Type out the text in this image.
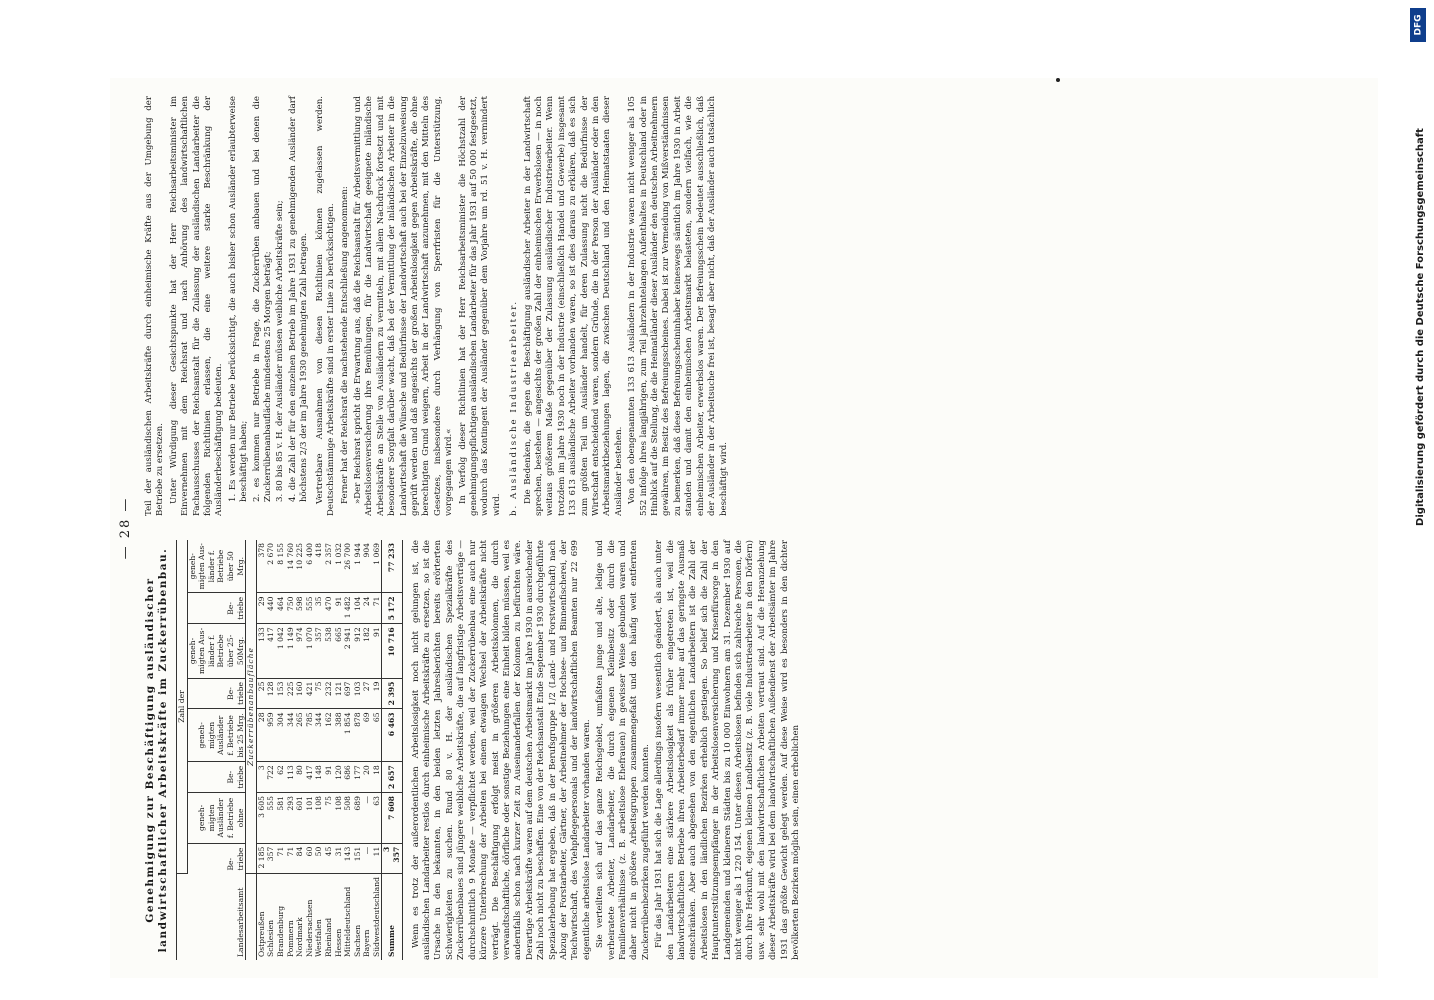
— 28 —
Genehmigung zur Beschäftigung ausländischer landwirtschaftlicher Arbeitskräfte im Zuckerrübenbau.	Landesarbeitsamt	Zahl der							
	Betriebe	genehmigten Ausländer f. Betriebe ohne	Betriebe	genehmigten Ausländer f. Betriebe bis 25 Mrg.	Betriebe	genehmigten Ausländer f. Betriebe über 25-50Mrg.	Betriebe	genehmigten Ausländer f. Betriebe über 50 Mrg.
	Zuckerrübenanbaufläche							
Ostpreußen	2 185	3 605	3	28	25	133	29	378
Schlesien	357	555	722	959	128	417	440	2 670
Brandenburg	71	581	62	304	153	1 042	464	8 155
Pommern	71	293	113	344	225	1 149	750	14 760
Nordmark	84	601	80	265	160	974	598	10 225
Niedersachsen	60	101	417	785	421	1 070	555	6 400
Westfalen	50	108	148	344	75	357	35	418
Rheinland	45	75	91	162	232	538	470	2 357
Hessen	31	108	120	388	121	665	91	1 032
Mitteldeutschland	143	508	686	1 854	697	2 941	1 482	26 700
Sachsen	151	689	177	878	103	912	104	1 944
Bayern	—	—	20	69	27	182	24	904
Südwestdeutschland	11	63	18	65	19	91	71	1 069
Summe	3 357	7 608	2 657	6 463	2 395	10 716	5 172	77 233 Wenn es trotz der außerordentlichen Arbeitslosigkeit noch nicht gelungen ist, die ausländischen Landarbeiter restlos durch einheimische Arbeitskräfte zu ersetzen, so ist die Ursache in den bekannten, in den beiden letzten Jahresberichten bereits erörterten Schwierigkeiten zu suchen. Rund 80 v. H. der ausländischen Spezialkräfte des Zuckerrübenbaues sind jüngere weibliche Arbeitskräfte, die auf langfristige Arbeitsverträge — durchschnittlich 9 Monate — verpflichtet werden, weil der Zuckerrübenbau eine auch nur kürzere Unterbrechung der Arbeiten bei einem etwaigen Wechsel der Arbeitskräfte nicht verträgt. Die Beschäftigung erfolgt meist in größeren Arbeitskolonnen, die durch verwandtschaftliche, dörfliche oder sonstige Beziehungen eine Einheit bilden müssen, weil es andernfalls schon nach kurzer Zeit zu Auseinanderfallen der Kolonnen zu befürchten wäre. Derartige Arbeitskräfte waren auf dem deutschen Arbeitsmarkt im Jahre 1930 in ausreichender Zahl noch nicht zu beschaffen. Eine von der Reichsanstalt Ende September 1930 durchgeführte Spezialerhebung hat ergeben, daß in der Berufsgruppe 1/2 (Land- und Forstwirtschaft) nach Abzug der Forstarbeiter, Gärtner, der Arbeitnehmer der Hochsee- und Binnenfischerei, der Teichwirtschaft, des Viehpflegepersonals und der landwirtschaftlichen Beamten nur 22 699 eigentliche arbeitslose Landarbeiter vorhanden waren. Sie verteilten sich auf das ganze Reichsgebiet, umfaßten junge und alte, ledige und verheiratete Arbeiter, Landarbeiter, die durch eigenen Kleinbesitz oder durch die Familienverhältnisse (z. B. arbeitslose Ehefrauen) in gewisser Weise gebunden waren und daher nicht in größere Arbeitsgruppen zusammengefaßt und den häufig weit entfernten Zuckerrübenbezirken zugeführt werden konnten. Für das Jahr 1931 hat sich die Lage allerdings insofern wesentlich geändert, als auch unter den Landarbeitern eine stärkere Arbeitslosigkeit als früher eingetreten ist, weil die landwirtschaftlichen Betriebe ihren Arbeiterbedarf immer mehr auf das geringste Ausmaß einschränken. Aber auch abgesehen von den eigentlichen Landarbeitern ist die Zahl der Arbeitslosen in den ländlichen Bezirken erheblich gestiegen. So belief sich die Zahl der Hauptunterstützungsempfänger in der Arbeitslosenversicherung und Krisenfürsorge in den Landgemeinden und kleineren Städten bis zu 10 000 Einwohnern am 31. Dezember 1930 auf nicht weniger als 1 220 154. Unter diesen Arbeitslosen befinden sich zahlreiche Personen, die durch ihre Herkunft, eigenen kleinen Landbesitz (z. B. viele Industriearbeiter in den Dörfern) usw. sehr wohl mit den landwirtschaftlichen Arbeiten vertraut sind. Auf die Heranziehung dieser Arbeitskräfte wird bei dem landwirtschaftlichen Außendienst der Arbeitsämter im Jahre 1931 das größte Gewicht gelegt werden. Auf diese Weise wird es besonders in den dichter bevölkerten Bezirken möglich sein, einen erheblichen

Teil der ausländischen Arbeitskräfte durch einheimische Kräfte aus der Umgebung der Betriebe zu ersetzen. Unter Würdigung dieser Gesichtspunkte hat der Herr Reichsarbeitsminister im Einvernehmen mit dem Reichsrat und nach Anhörung des landwirtschaftlichen Fachausschusses der Reichsanstalt für die Zulassung der ausländischen Landarbeiter die folgenden Richtlinien erlassen, die eine weitere starke Beschränkung der Ausländerbeschäftigung bedeuten. 1. Es werden nur Betriebe berücksichtigt, die auch bisher schon Ausländer erlaubterweise beschäftigt haben; 2. es kommen nur Betriebe in Frage, die Zuckerrüben anbauen und bei denen die Zuckerrübenanbaufläche mindestens 25 Morgen beträgt; 3. 80 bis 85 v. H. der Ausländer müssen weibliche Arbeitskräfte sein; 4. die Zahl der für den einzelnen Betrieb im Jahre 1931 zu genehmigenden Ausländer darf höchstens 2/3 der im Jahre 1930 genehmigten Zahl betragen. Vertretbare Ausnahmen von diesen Richtlinien können zugelassen werden. Deutschstämmige Arbeitskräfte sind in erster Linie zu berücksichtigen. Ferner hat der Reichsrat die nachstehende Entschließung angenommen: »Der Reichsrat spricht die Erwartung aus, daß die Reichsanstalt für Arbeitsvermittlung und Arbeitslosenversicherung ihre Bemühungen, für die Landwirtschaft geeignete inländische Arbeitskräfte an Stelle von Ausländern zu vermitteln, mit allem Nachdruck fortsetzt und mit besonderer Sorgfalt darüber wacht, daß bei der Vermittlung der inländischen Arbeiter in die Landwirtschaft die Wünsche und Bedürfnisse der Landwirtschaft auch bei der Einzelzuweisung geprüft werden und daß angesichts der großen Arbeitslosigkeit gegen Arbeitskräfte, die ohne berechtigten Grund weigern, Arbeit in der Landwirtschaft anzunehmen, mit den Mitteln des Gesetzes, insbesondere durch Verhängung von Sperrfristen für die Unterstützung, vorgegangen wird.« In Verfolg dieser Richtlinien hat der Herr Reichsarbeitsminister die Höchstzahl der genehmigungspflichtigen ausländischen Landarbeiter für das Jahr 1931 auf 50 000 festgesetzt, wodurch das Kontingent der Ausländer gegenüber dem Vorjahre um rd. 51 v. H. vermindert wird. b. Ausländische Industriearbeiter. Die Bedenken, die gegen die Beschäftigung ausländischer Arbeiter in der Landwirtschaft sprechen, bestehen — angesichts der großen Zahl der einheimischen Erwerbslosen — in noch weitaus größerem Maße gegenüber der Zulassung ausländischer Industriearbeiter. Wenn trotzdem im Jahre 1930 noch in der Industrie (einschließlich Handel und Gewerbe) insgesamt 133 613 ausländische Arbeiter vorhanden waren, so ist dies daraus zu erklären, daß es sich zum größten Teil um Ausländer handelt, für deren Zulassung nicht die Bedürfnisse der Wirtschaft entscheidend waren, sondern Gründe, die in der Person der Ausländer oder in den Arbeitsmarktbeziehungen lagen, die zwischen Deutschland und den Heimatstaaten dieser Ausländer bestehen. Von den obengenannten 133 613 Ausländern in der Industrie waren nicht weniger als 105 552 infolge ihres langjährigen, zum Teil jahrzehntelangen Aufenthaltes in Deutschland oder in Hinblick auf die Stellung, die die Heimatländer dieser Ausländer den deutschen Arbeitnehmern gewähren, im Besitz des Befreiungsscheines. Dabei ist zur Vermeidung von Mißverständnissen zu bemerken, daß diese Befreiungsscheininhaber keineswegs sämtlich im Jahre 1930 in Arbeit standen und damit den einheimischen Arbeitsmarkt belasteten, sondern vielfach, wie die einheimischen Arbeiter, erwerbslos waren. Der Befreiungsschein bedeutet ausschließlich, daß der Ausländer in der Arbeitsuche frei ist, besagt aber nicht, daß der Ausländer auch tatsächlich beschäftigt wird.

DFG
Digitalisierung gefördert durch die Deutsche Forschungsgemeinschaft
